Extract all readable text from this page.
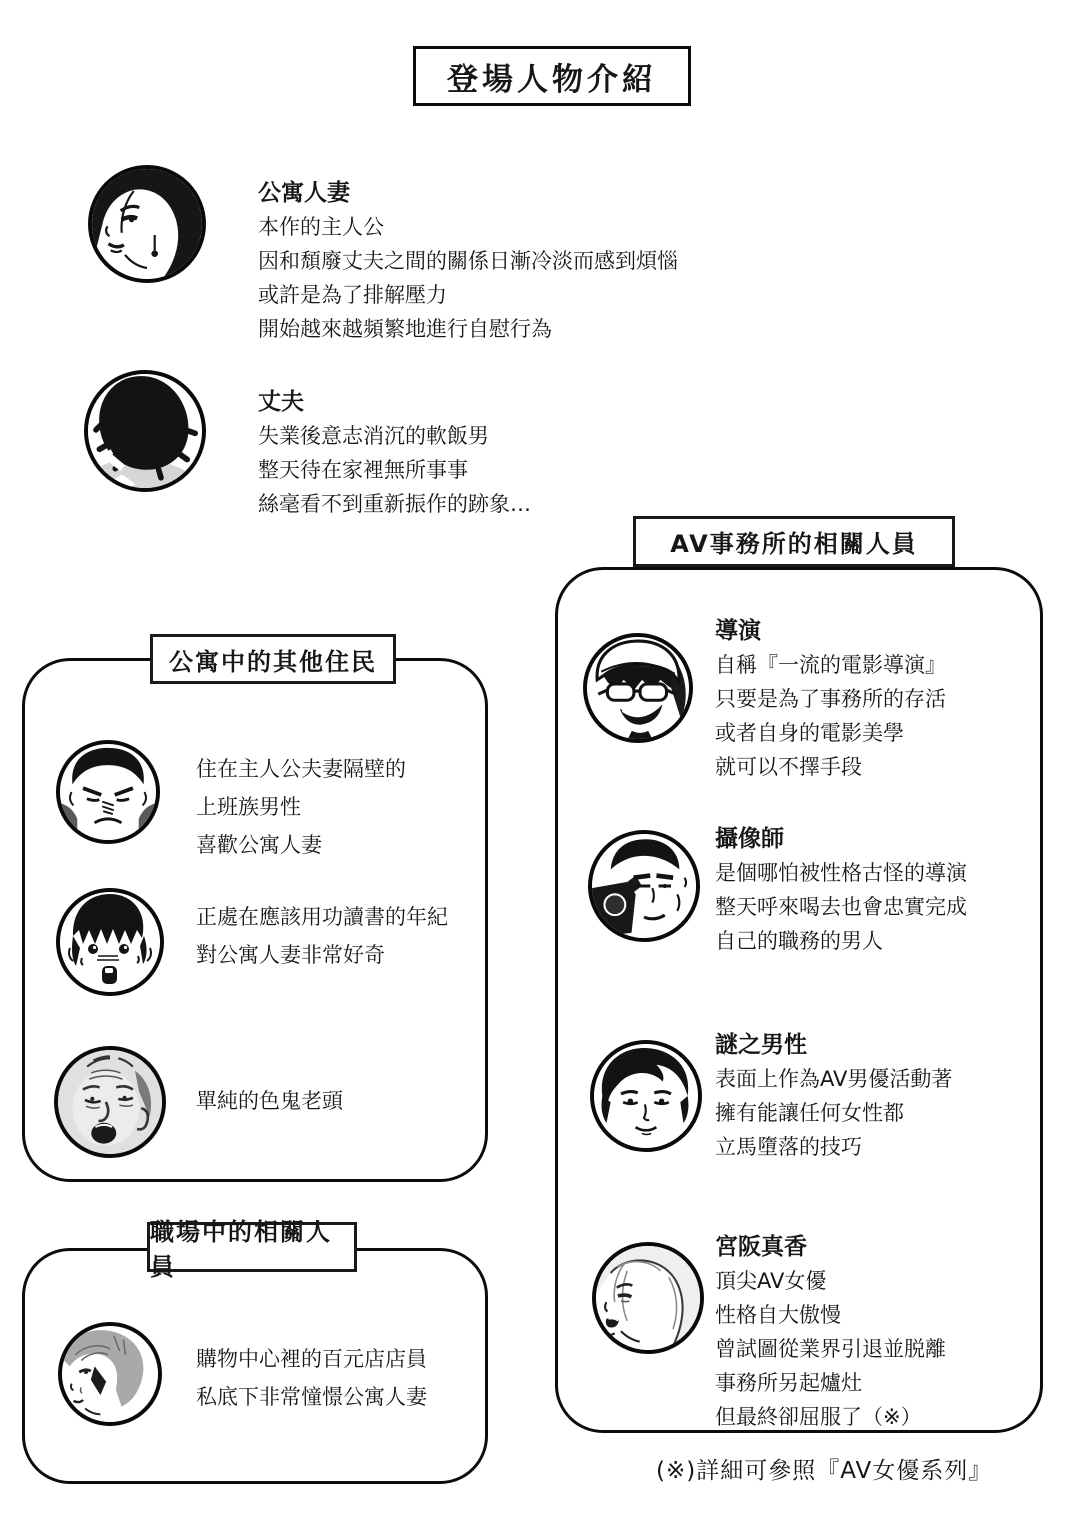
登場人物介紹
公寓人妻
本作的主人公
因和頹廢丈夫之間的關係日漸冷淡而感到煩惱
或許是為了排解壓力
開始越來越頻繁地進行自慰行為
丈夫
失業後意志消沉的軟飯男
整天待在家裡無所事事
絲毫看不到重新振作的跡象…
AV事務所的相關人員
導演
自稱『一流的電影導演』
只要是為了事務所的存活
或者自身的電影美學
就可以不擇手段
攝像師
是個哪怕被性格古怪的導演
整天呼來喝去也會忠實完成
自己的職務的男人
謎之男性
表面上作為AV男優活動著
擁有能讓任何女性都
立馬墮落的技巧
宮阪真香
頂尖AV女優
性格自大傲慢
曾試圖從業界引退並脱離
事務所另起爐灶
但最終卻屈服了（※）
公寓中的其他住民
住在主人公夫妻隔壁的
上班族男性
喜歡公寓人妻
正處在應該用功讀書的年紀
對公寓人妻非常好奇
單純的色鬼老頭
職場中的相關人員
購物中心裡的百元店店員
私底下非常憧憬公寓人妻
(※)詳細可參照『AV女優系列』
